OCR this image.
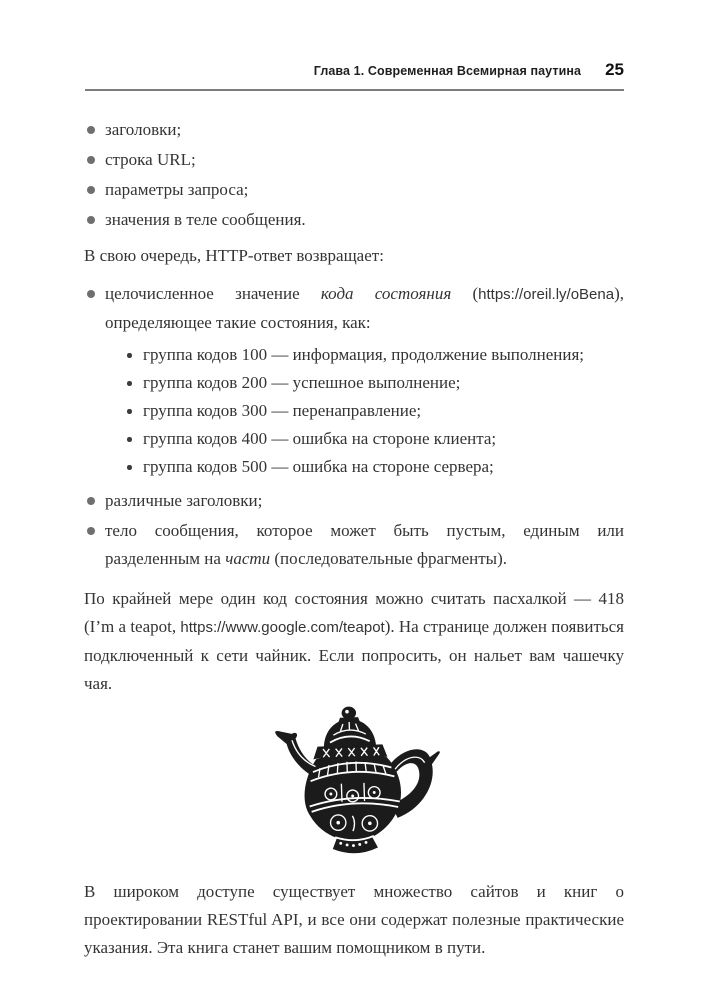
Глава 1. Современная Всемирная паутина 25
заголовки;
строка URL;
параметры запроса;
значения в теле сообщения.

В свою очередь, HTTP-ответ возвращает:

целочисленное значение кода состояния (https://oreil.ly/oBena), определяющее такие состояния, как:
группа кодов 100 — информация, продолжение выполнения;
группа кодов 200 — успешное выполнение;
группа кодов 300 — перенаправление;
группа кодов 400 — ошибка на стороне клиента;
группа кодов 500 — ошибка на стороне сервера;
различные заголовки;
тело сообщения, которое может быть пустым, единым или разделенным на части (последовательные фрагменты).

По крайней мере один код состояния можно считать пасхалкой — 418 (I’m a teapot, https://www.google.com/teapot). На странице должен появиться подключенный к сети чайник. Если попросить, он нальет вам чашечку чая.

В широком доступе существует множество сайтов и книг о проектировании RESTful API, и все они содержат полезные практические указания. Эта книга станет вашим помощником в пути.
